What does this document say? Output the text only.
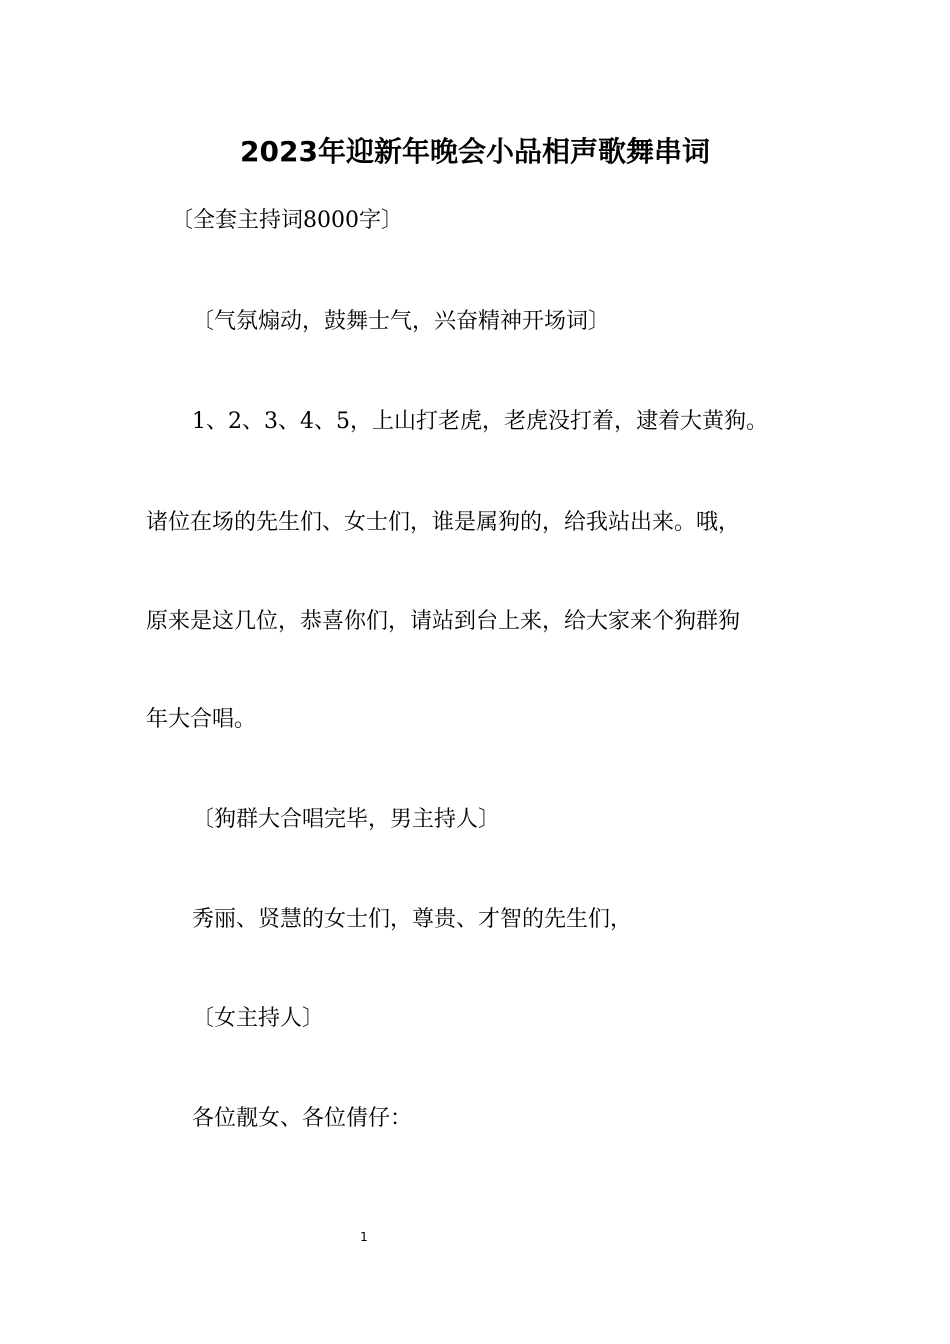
2023年迎新年晚会小品相声歌舞串词
〔全套主持词8000字〕
〔气氛煽动，鼓舞士气，兴奋精神开场词〕
1、2、3、4、5，上山打老虎，老虎没打着，逮着大黄狗。
诸位在场的先生们、女士们，谁是属狗的，给我站出来。哦，
原来是这几位，恭喜你们，请站到台上来，给大家来个狗群狗
年大合唱。
〔狗群大合唱完毕，男主持人〕
秀丽、贤慧的女士们，尊贵、才智的先生们，
〔女主持人〕
各位靓女、各位倩仔：
1
